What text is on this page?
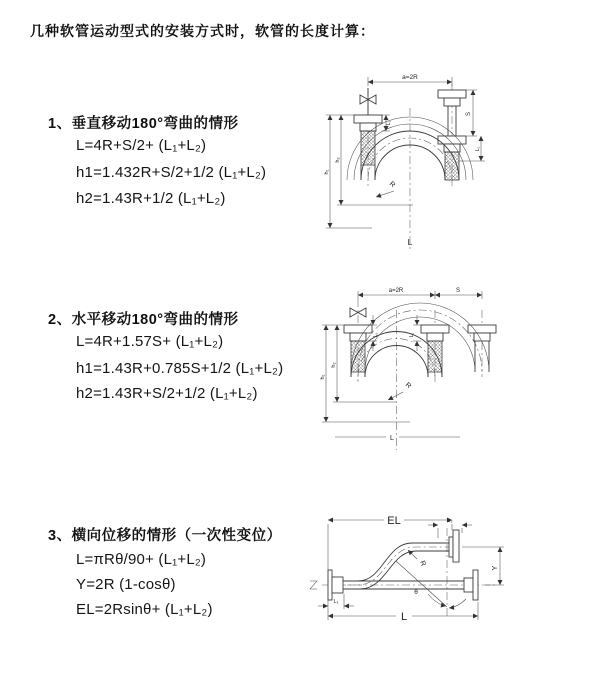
几种软管运动型式的安装方式时，软管的长度计算：
1、垂直移动180°弯曲的情形
L=4R+S/2+ (L₁+L₂)
h1=1.432R+S/2+1/2 (L₁+L₂)
h2=1.43R+1/2 (L₁+L₂)
2、水平移动180°弯曲的情形
L=4R+1.57S+ (L₁+L₂)
h1=1.43R+0.785S+1/2 (L₁+L₂)
h2=1.43R+S/2+1/2 (L₁+L₂)
3、横向位移的情形（一次性变位）
L=πRθ/90+ (L₁+L₂)
Y=2R (1-cosθ)
EL=2Rsinθ+ (L₁+L₂)
a=2R
h₂
h₁
L₁
S
L₁
R
L
a=2R	S
L₁	L₁
h₂
h₁
R
L
EL	L₂
Y
R
θ
L
L₁
